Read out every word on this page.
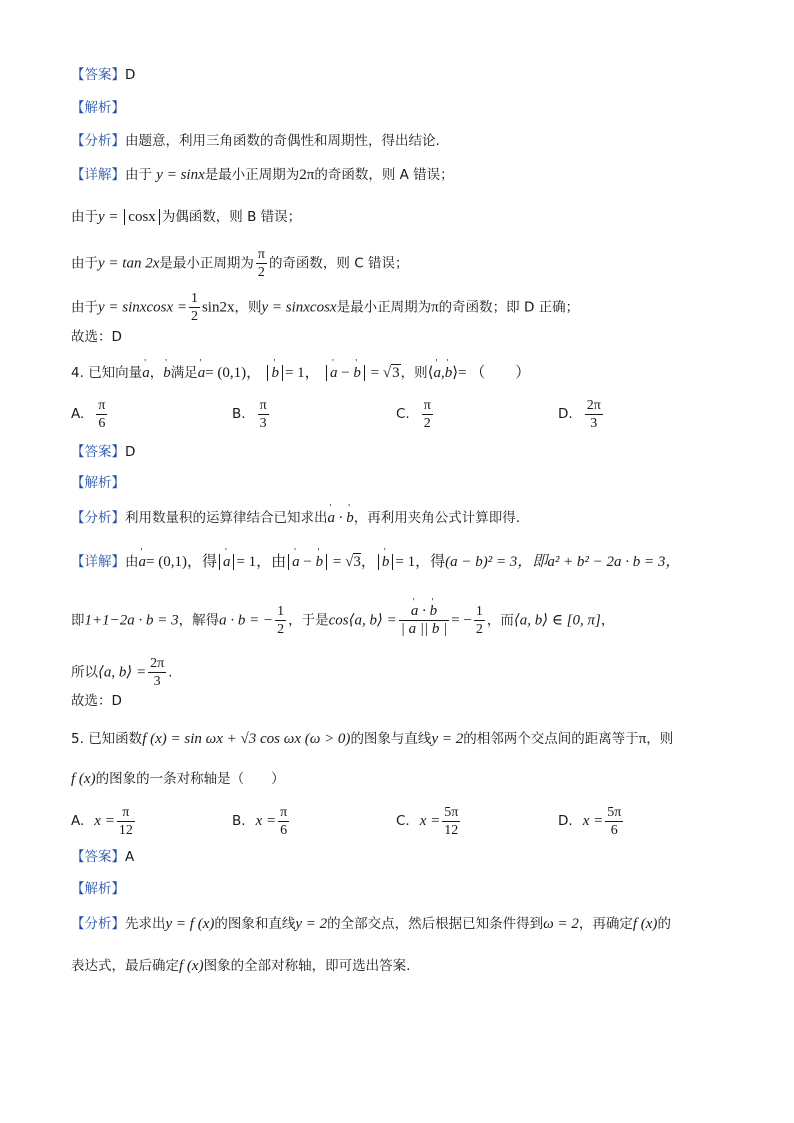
【答案】D
【解析】
【分析】由题意，利用三角函数的奇偶性和周期性，得出结论.
【详解】由于 y = sinx是最小正周期为2π的奇函数，则 A 错误；
由于y = cosx 为偶函数，则 B 错误；
由于y = tan 2x是最小正周期为 $\frac{\pi}{2}$ 的奇函数，则 C 错误；
由于y = sinxcosx = $\frac{1}{2} \sin 2x$，则y = sinxcosx是最小正周期为π的奇函数；即 D 正确；
故选：D
4. 已知向量' a，' b满足' a= (0,1)， ' b = 1， ' a − ' b = √3，则⟨' a,' b⟩= （　　）
A. $\frac{\pi}{6}$	B. $\frac{\pi}{3}$	C. $\frac{\pi}{2}$	D. $\frac{2\pi}{3}$
【答案】D
【解析】
【分析】利用数量积的运算律结合已知求出' a · ' b，再利用夹角公式计算即得.
【详解】由' a= (0,1)，得 ' a = 1，由 ' a − ' b = √3， ' b = 1，得(a − b)² = 3，即a² + b² − 2a · b = 3，
即1+1−2a · b = 3，解得a · b = − $\frac{1}{2}$ ，于是cos⟨a, b⟩ = ' $\frac{a \cdot ' b}{| a || b |}$ = − $\frac{1}{2}$ ，而⟨a, b⟩ ∈ [0, π]，
所以⟨a, b⟩ = $\frac{2\pi}{3}$ .
故选：D
5. 已知函数f (x) = sin ωx + √3 cos ωx (ω > 0)的图象与直线y = 2的相邻两个交点间的距离等于π，则
f (x)的图象的一条对称轴是（　　）
A. $x = \frac{\pi}{12}$	B. $x = \frac{\pi}{6}$	C. $x = \frac{5\pi}{12}$	D. $x = \frac{5\pi}{6}$
【答案】A
【解析】
【分析】先求出y = f (x)的图象和直线y = 2的全部交点，然后根据已知条件得到ω = 2，再确定f (x)的
表达式，最后确定f (x)图象的全部对称轴，即可选出答案.
